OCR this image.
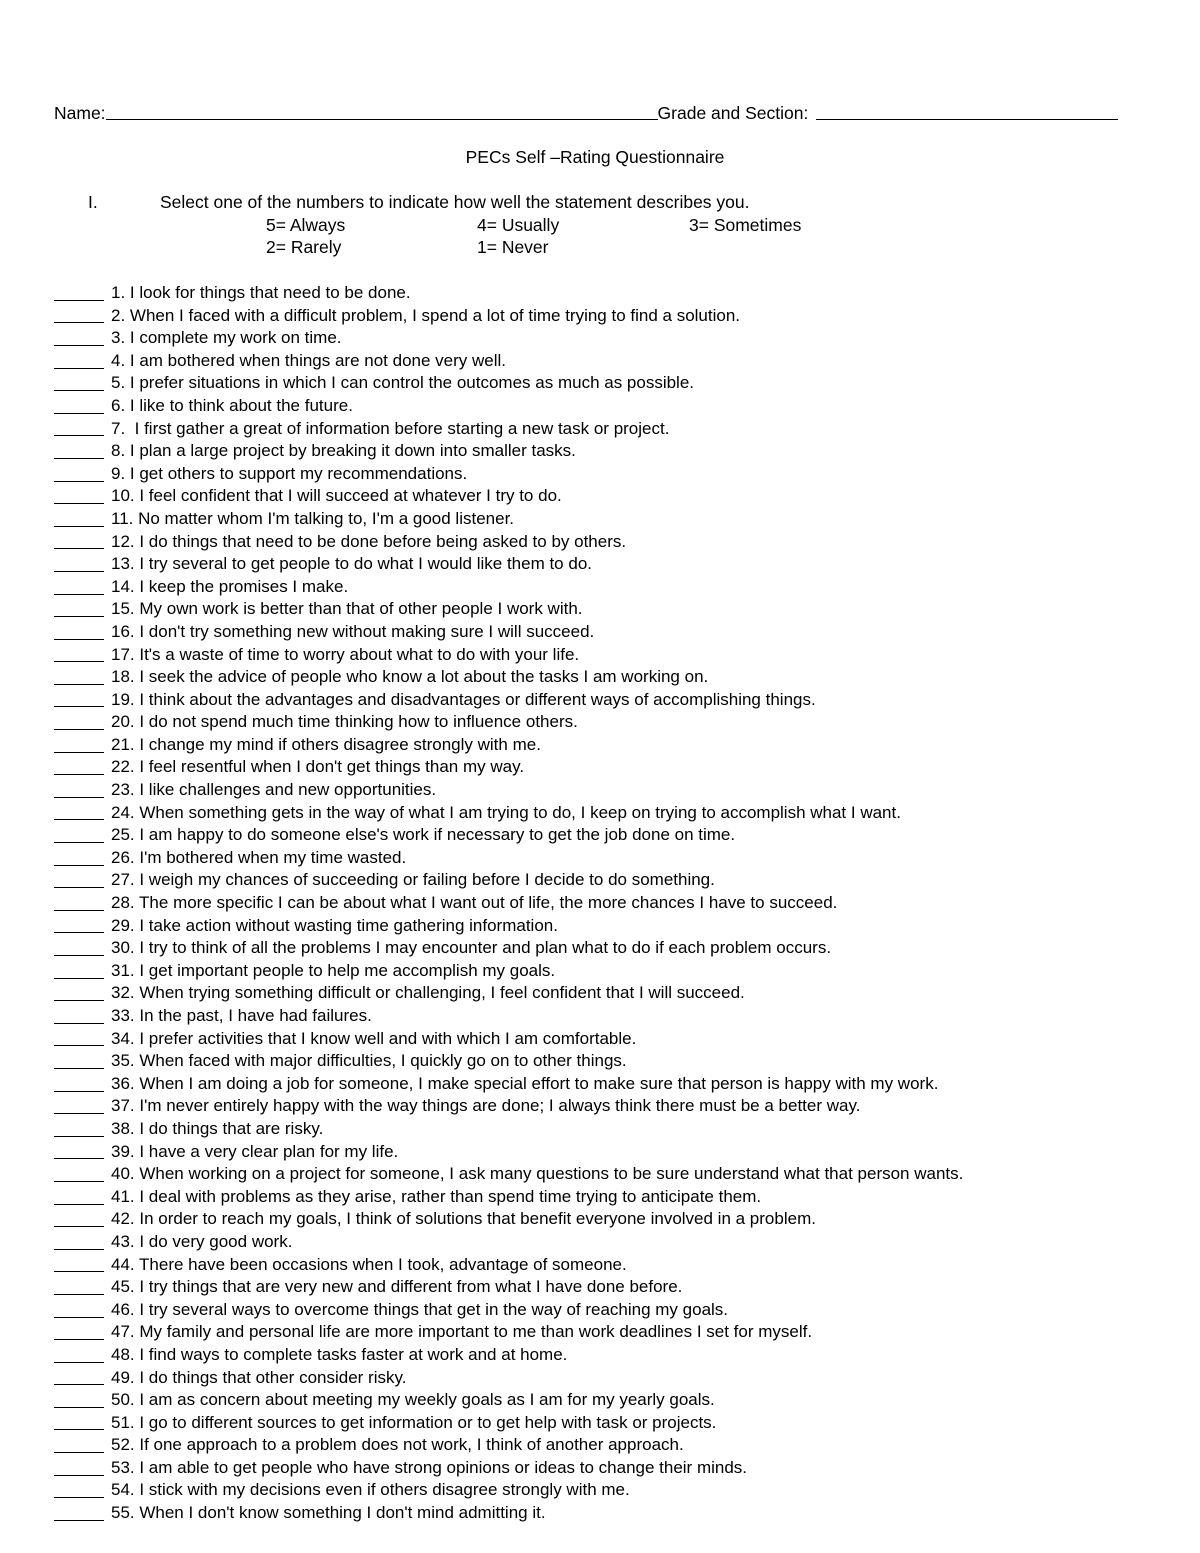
Name:	Grade and Section:
PECs Self –Rating Questionnaire
I.	Select one of the numbers to indicate how well the statement describes you.
5= Always	4= Usually	3= Sometimes
2= Rarely	1= Never
1. I look for things that need to be done.
2. When I faced with a difficult problem, I spend a lot of time trying to find a solution.
3. I complete my work on time.
4. I am bothered when things are not done very well.
5. I prefer situations in which I can control the outcomes as much as possible.
6. I like to think about the future.
7.  I first gather a great of information before starting a new task or project.
8. I plan a large project by breaking it down into smaller tasks.
9. I get others to support my recommendations.
10. I feel confident that I will succeed at whatever I try to do.
11. No matter whom I'm talking to, I'm a good listener.
12. I do things that need to be done before being asked to by others.
13. I try several to get people to do what I would like them to do.
14. I keep the promises I make.
15. My own work is better than that of other people I work with.
16. I don't try something new without making sure I will succeed.
17. It's a waste of time to worry about what to do with your life.
18. I seek the advice of people who know a lot about the tasks I am working on.
19. I think about the advantages and disadvantages or different ways of accomplishing things.
20. I do not spend much time thinking how to influence others.
21. I change my mind if others disagree strongly with me.
22. I feel resentful when I don't get things than my way.
23. I like challenges and new opportunities.
24. When something gets in the way of what I am trying to do, I keep on trying to accomplish what I want.
25. I am happy to do someone else's work if necessary to get the job done on time.
26. I'm bothered when my time wasted.
27. I weigh my chances of succeeding or failing before I decide to do something.
28. The more specific I can be about what I want out of life, the more chances I have to succeed.
29. I take action without wasting time gathering information.
30. I try to think of all the problems I may encounter and plan what to do if each problem occurs.
31. I get important people to help me accomplish my goals.
32. When trying something difficult or challenging, I feel confident that I will succeed.
33. In the past, I have had failures.
34. I prefer activities that I know well and with which I am comfortable.
35. When faced with major difficulties, I quickly go on to other things.
36. When I am doing a job for someone, I make special effort to make sure that person is happy with my work.
37. I'm never entirely happy with the way things are done; I always think there must be a better way.
38. I do things that are risky.
39. I have a very clear plan for my life.
40. When working on a project for someone, I ask many questions to be sure understand what that person wants.
41. I deal with problems as they arise, rather than spend time trying to anticipate them.
42. In order to reach my goals, I think of solutions that benefit everyone involved in a problem.
43. I do very good work.
44. There have been occasions when I took, advantage of someone.
45. I try things that are very new and different from what I have done before.
46. I try several ways to overcome things that get in the way of reaching my goals.
47. My family and personal life are more important to me than work deadlines I set for myself.
48. I find ways to complete tasks faster at work and at home.
49. I do things that other consider risky.
50. I am as concern about meeting my weekly goals as I am for my yearly goals.
51. I go to different sources to get information or to get help with task or projects.
52. If one approach to a problem does not work, I think of another approach.
53. I am able to get people who have strong opinions or ideas to change their minds.
54. I stick with my decisions even if others disagree strongly with me.
55. When I don't know something I don't mind admitting it.
